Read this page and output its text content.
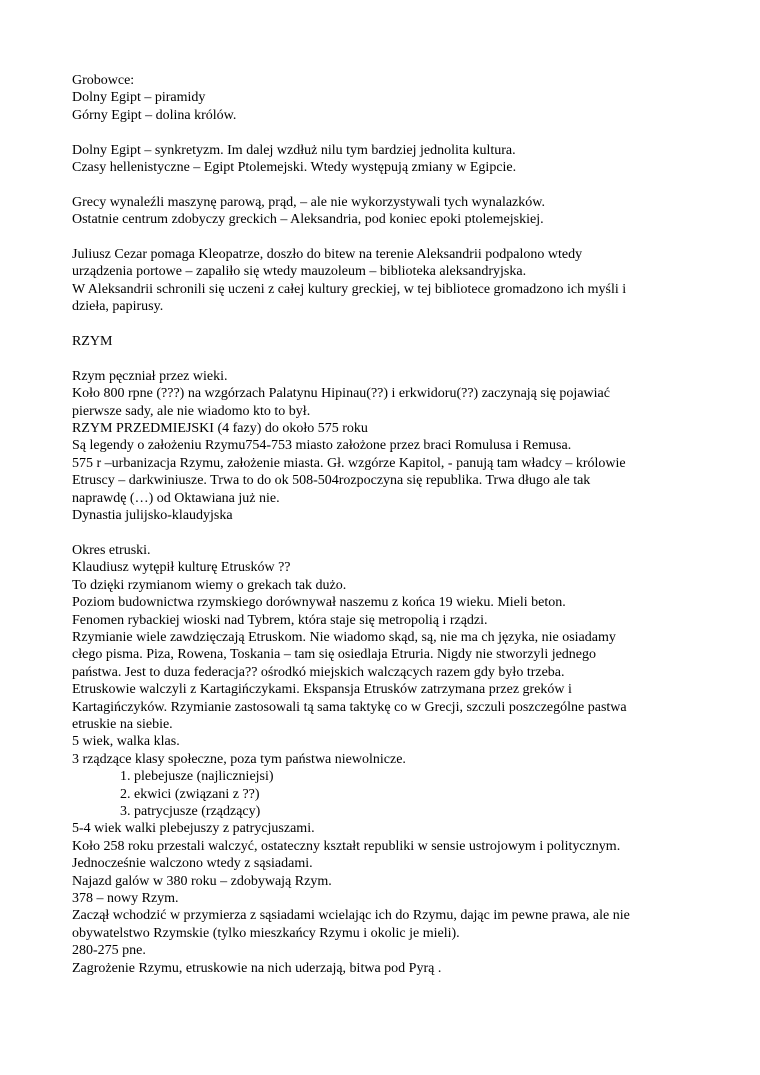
Grobowce:
Dolny Egipt – piramidy
Górny Egipt – dolina królów.
Dolny Egipt – synkretyzm. Im dalej wzdłuż nilu tym bardziej jednolita kultura.
Czasy hellenistyczne – Egipt Ptolemejski. Wtedy występują zmiany w Egipcie.
Grecy wynaleźli maszynę parową, prąd, – ale nie wykorzystywali tych wynalazków.
Ostatnie centrum zdobyczy greckich – Aleksandria, pod koniec epoki ptolemejskiej.
Juliusz Cezar pomaga Kleopatrze, doszło do bitew na terenie Aleksandrii podpalono wtedy
urządzenia portowe – zapaliło się wtedy mauzoleum – biblioteka aleksandryjska.
W Aleksandrii schronili się uczeni z całej kultury greckiej, w tej bibliotece gromadzono ich myśli i
dzieła, papirusy.
RZYM
Rzym pęczniał przez wieki.
Koło 800 rpne (???) na wzgórzach Palatynu Hipinau(??) i erkwidoru(??) zaczynają się pojawiać
pierwsze sady, ale nie wiadomo kto to był.
RZYM PRZEDMIEJSKI (4 fazy) do około 575 roku
Są legendy o założeniu Rzymu754-753 miasto założone przez braci Romulusa i Remusa.
575 r –urbanizacja Rzymu, założenie miasta. Gł. wzgórze Kapitol, - panują tam władcy – królowie
Etruscy – darkwiniusze. Trwa to do ok 508-504rozpoczyna się republika. Trwa długo ale tak
naprawdę (…) od Oktawiana już nie.
Dynastia julijsko-klaudyjska
Okres etruski.
Klaudiusz wytępił kulturę Etrusków ??
To dzięki rzymianom wiemy o grekach tak dużo.
Poziom budownictwa rzymskiego dorównywał naszemu z końca 19 wieku. Mieli beton.
Fenomen rybackiej wioski nad Tybrem, która staje się metropolią i rządzi.
Rzymianie wiele zawdzięczają Etruskom. Nie wiadomo skąd, są, nie ma ch języka, nie osiadamy
cłego pisma. Piza, Rowena, Toskania – tam się osiedlaja Etruria. Nigdy nie stworzyli jednego
państwa. Jest to duza federacja?? ośrodkó miejskich walczących razem gdy było trzeba.
Etruskowie walczyli z Kartagińczykami. Ekspansja Etrusków zatrzymana przez greków i
Kartagińczyków. Rzymianie zastosowali tą sama taktykę co w Grecji, szczuli poszczególne pastwa
etruskie na siebie.
5 wiek, walka klas.
3 rządzące klasy społeczne, poza tym państwa niewolnicze.
1. plebejusze (najliczniejsi)
2. ekwici (związani z ??)
3. patrycjusze (rządzący)
5-4 wiek walki plebejuszy z patrycjuszami.
Koło 258 roku przestali walczyć, ostateczny kształt republiki w sensie ustrojowym i politycznym.
Jednocześnie walczono wtedy z sąsiadami.
Najazd galów w 380 roku – zdobywają Rzym.
378 – nowy Rzym.
Zaczął wchodzić w przymierza z sąsiadami wcielając ich do Rzymu, dając im pewne prawa, ale nie
obywatelstwo Rzymskie (tylko mieszkańcy Rzymu i okolic je mieli).
280-275 pne.
Zagrożenie Rzymu, etruskowie na nich uderzają, bitwa pod Pyrą .
